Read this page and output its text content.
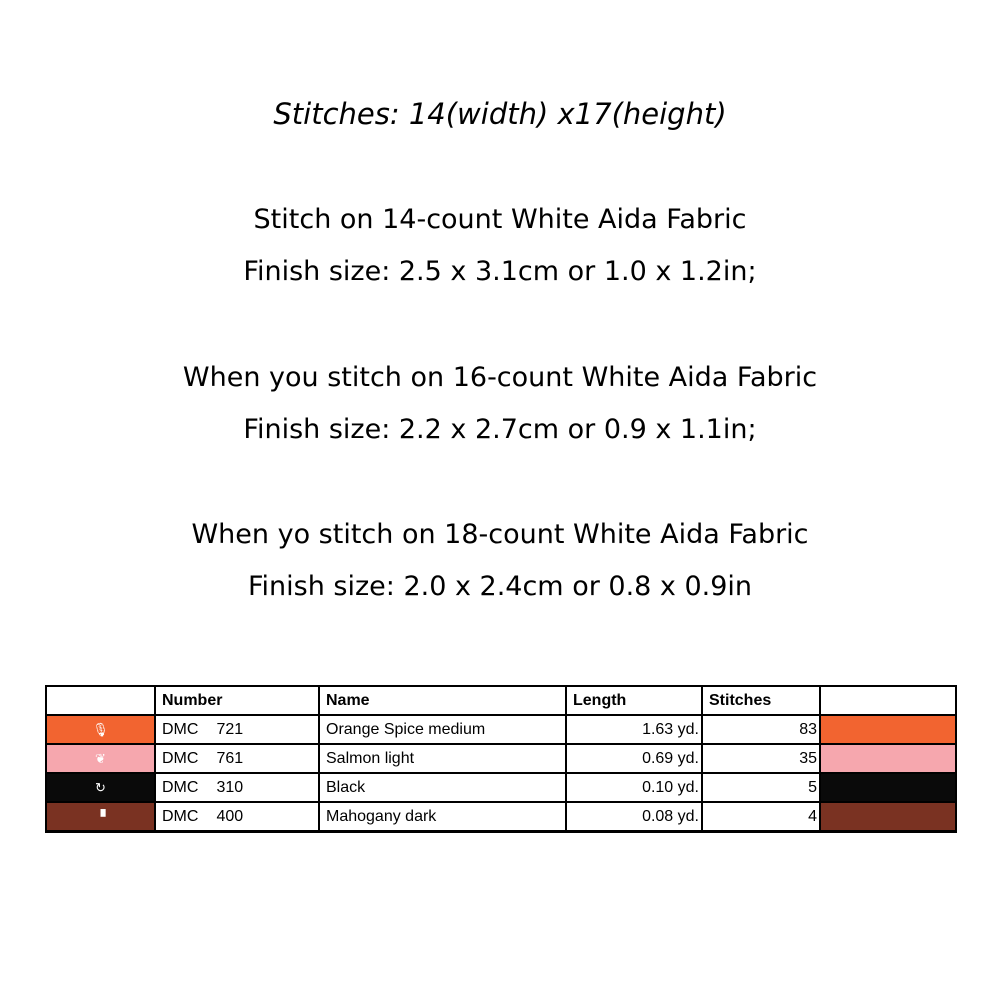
Stitches: 14(width) x17(height)
Stitch on 14-count White Aida Fabric
Finish size: 2.5 x 3.1cm or 1.0 x 1.2in;
When you stitch on 16-count White Aida Fabric
Finish size: 2.2 x 2.7cm or 0.9 x 1.1in;
When yo stitch on 18-count White Aida Fabric
Finish size: 2.0 x 2.4cm or 0.8 x 0.9in
	Number	Name	Length	Stitches	
🎙	DMC 721	Orange Spice medium	1.63 yd.	83	
❦	DMC 761	Salmon light	0.69 yd.	35	
↻	DMC 310	Black	0.10 yd.	5	
▝	DMC 400	Mahogany dark	0.08 yd.	4	
